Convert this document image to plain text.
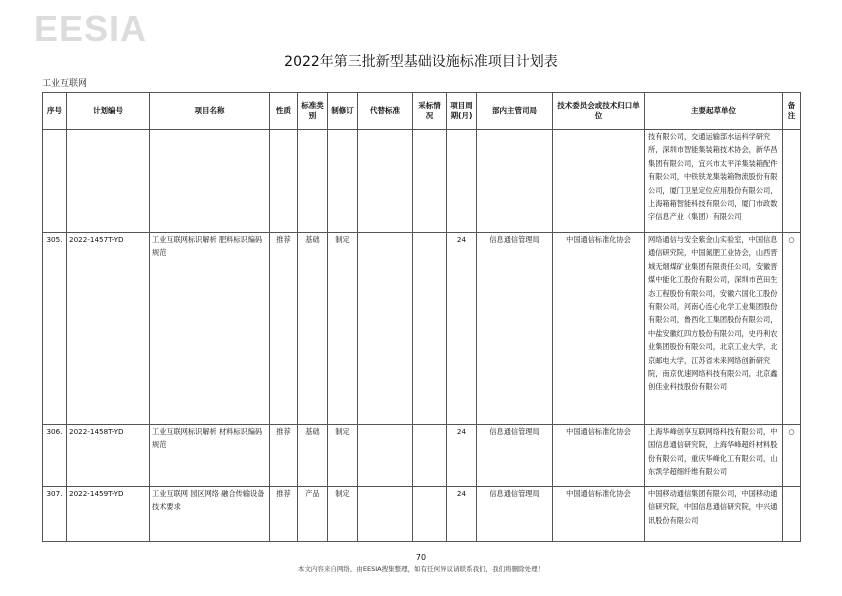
EESIA
2022年第三批新型基础设施标准项目计划表
工业互联网
序号	计划编号	项目名称	性质	标准类别	制修订	代替标准	采标情况	项目周期(月)	部内主管司局	技术委员会或技术归口单位	主要起草单位	备注
											技有限公司，交通运输部水运科学研究所，深圳市智能集装箱技术协会，新华昌集团有限公司，宜兴市太平洋集装箱配件有限公司，中铁铁龙集装箱物流股份有限公司，厦门卫星定位应用股份有限公司，上海箱箱智能科技有限公司，厦门市政数字信息产业（集团）有限公司	
305.	2022-1457T-YD	工业互联网标识解析 肥料标识编码规范	推荐	基础	制定			24	信息通信管理局	中国通信标准化协会	网络通信与安全紫金山实验室，中国信息通信研究院，中国氮肥工业协会，山西晋城无烟煤矿业集团有限责任公司，安徽晋煤中能化工股份有限公司，深圳市芭田生态工程股份有限公司，安徽六国化工股份有限公司，河南心连心化学工业集团股份有限公司，鲁西化工集团股份有限公司，中盐安徽红四方股份有限公司，史丹利农业集团股份有限公司，北京工业大学，北京邮电大学，江苏省未来网络创新研究院，南京优速网络科技有限公司，北京鑫创佳业科技股份有限公司	○
306.	2022-1458T-YD	工业互联网标识解析 材料标识编码规范	推荐	基础	制定			24	信息通信管理局	中国通信标准化协会	上海华峰创享互联网络科技有限公司，中国信息通信研究院，上海华峰超纤材料股份有限公司，重庆华峰化工有限公司，山东凯学超细纤维有限公司	○
307.	2022-1459T-YD	工业互联网 园区网络 融合传输设备技术要求	推荐	产品	制定			24	信息通信管理局	中国通信标准化协会	中国移动通信集团有限公司，中国移动通信研究院，中国信息通信研究院，中兴通讯股份有限公司	
70
本文内容来自网络，由EESIA搜集整理，如有任何异议请联系我们，我们将删除处理！
